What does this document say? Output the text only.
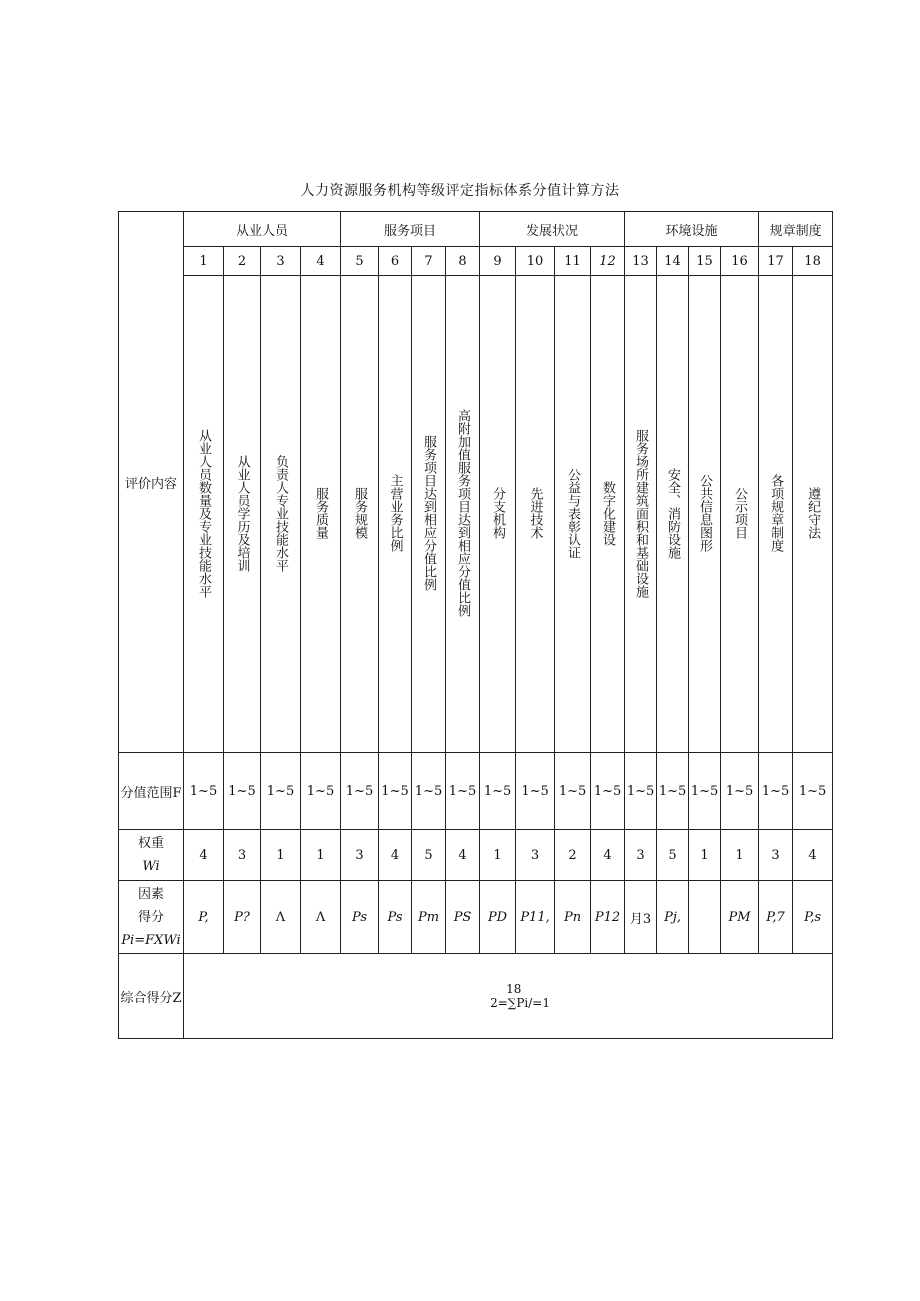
人力资源服务机构等级评定指标体系分值计算方法
评价内容	从业人员				服务项目				发展状况				环境设施				规章制度	
	1	2	3	4	5	6	7	8	9	10	11	12	13	14	15	16	17	18
	从业人员数量及专业技能水平	从业人员学历及培训	负责人专业技能水平	服务质量	服务规模	主营业务比例	服务项目达到相应分值比例	高附加值服务项目达到相应分值比例	分支机构	先进技术	公益与表彰认证	数字化建设	服务场所建筑面积和基础设施	安全、消防设施	公共信息图形	公示项目	各项规章制度	遵纪守法
分值范围F	1~5	1~5	1~5	1~5	1~5	1~5	1~5	1~5	1~5	1~5	1~5	1~5	1~5	1~5	1~5	1~5	1~5	1~5

权重
Wi	4	3	1	1	3	4	5	4	1	3	2	4	3	5	1	1	3	4

因素
得分
Pi=FXWi	P,	P?	Λ	Λ	Ps	Ps	Pт	PS	PD	P11,	Pn	P12	月3	Pj,		PM	P,7	P,s
综合得分Z	18
2=∑Pi/=1																	
